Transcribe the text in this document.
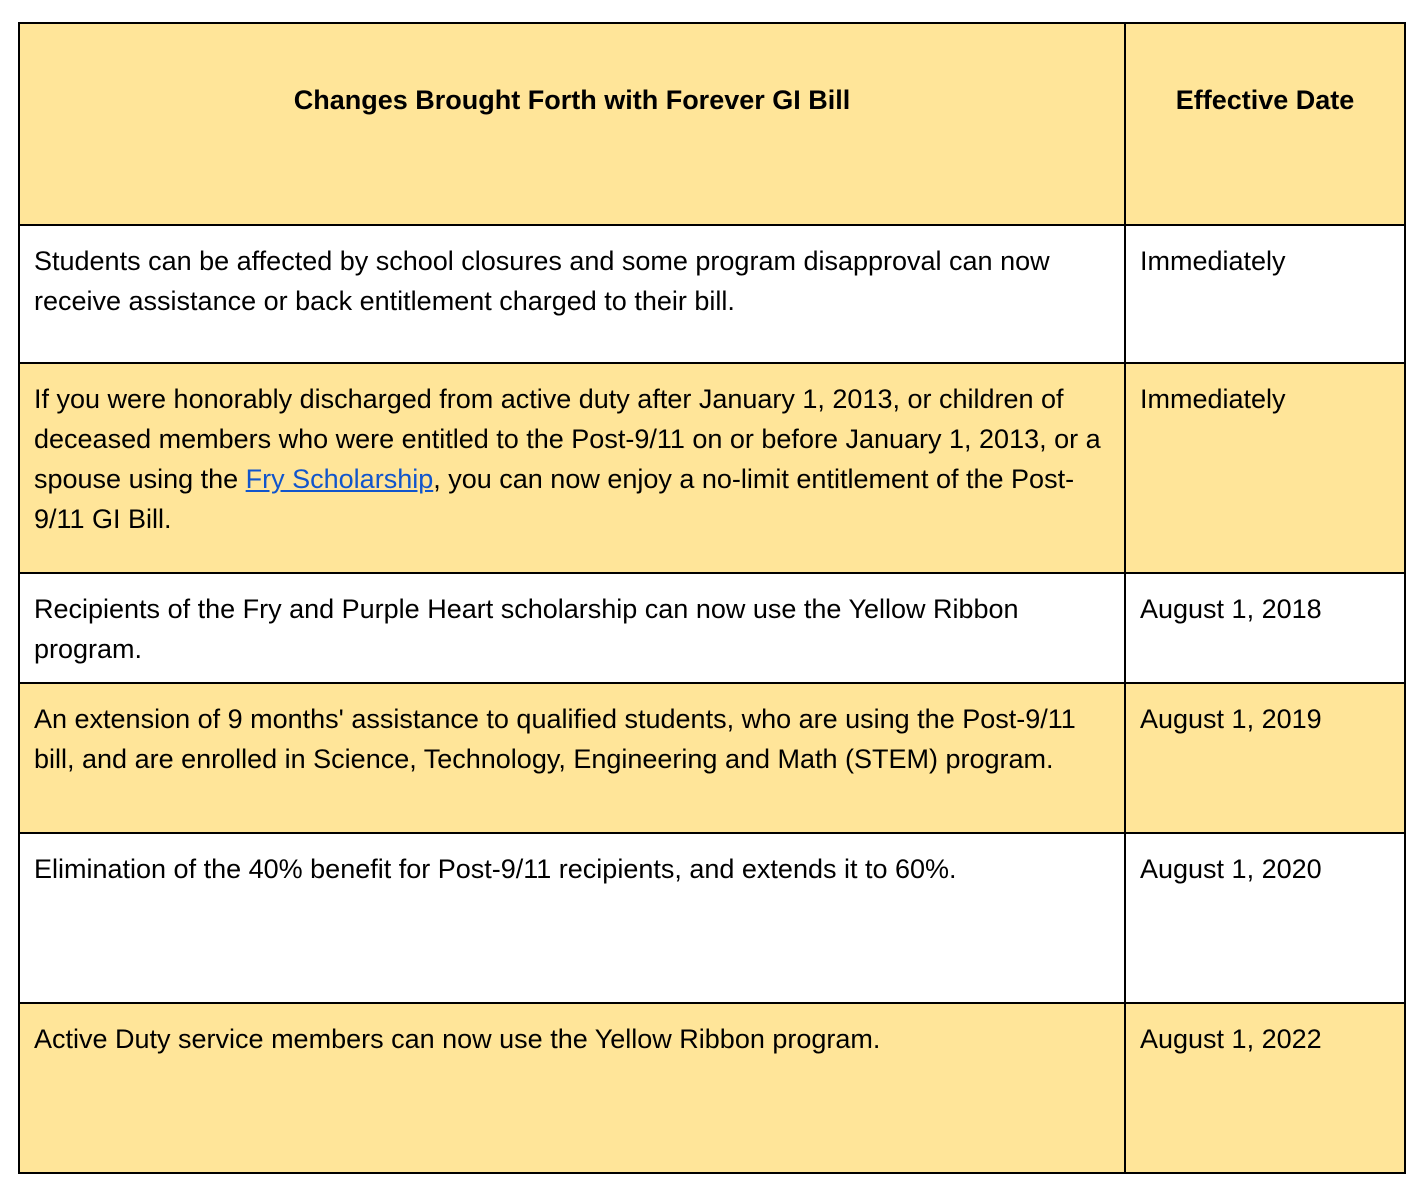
Changes Brought Forth with Forever GI Bill	Effective Date

Students can be affected by school closures and some program disapproval can now receive assistance or back entitlement charged to their bill.	Immediately

If you were honorably discharged from active duty after January 1, 2013, or children of deceased members who were entitled to the Post-9/11 on or before January 1, 2013, or a spouse using the Fry Scholarship, you can now enjoy a no-limit entitlement of the Post-9/11 GI Bill.	Immediately

Recipients of the Fry and Purple Heart scholarship can now use the Yellow Ribbon program.	August 1, 2018

An extension of 9 months' assistance to qualified students, who are using the Post-9/11 bill, and are enrolled in Science, Technology, Engineering and Math (STEM) program.	August 1, 2019

Elimination of the 40% benefit for Post-9/11 recipients, and extends it to 60%.	August 1, 2020

Active Duty service members can now use the Yellow Ribbon program.	August 1, 2022
